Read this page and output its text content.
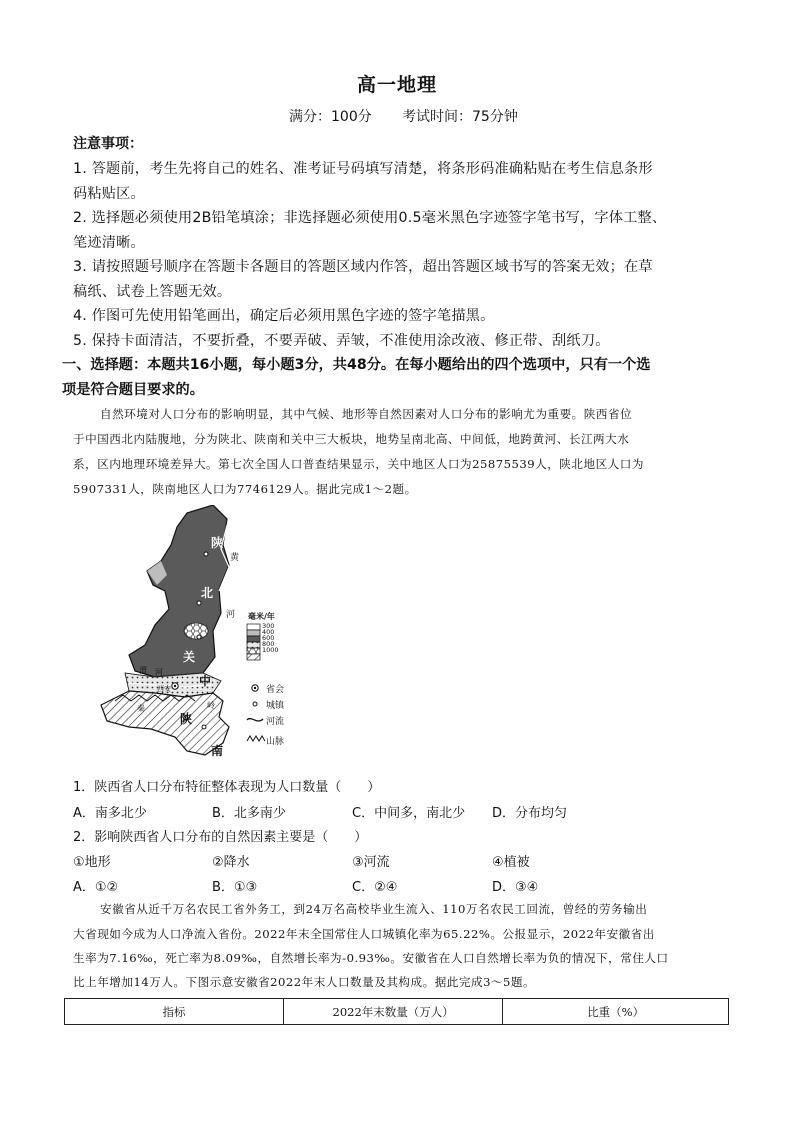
高一地理
满分：100分 考试时间：75分钟
注意事项：
1. 答题前，考生先将自己的姓名、准考证号码填写清楚，将条形码准确粘贴在考生信息条形
码粘贴区。
2. 选择题必须使用2B铅笔填涂；非选择题必须使用0.5毫米黑色字迹签字笔书写，字体工整、
笔迹清晰。
3. 请按照题号顺序在答题卡各题目的答题区域内作答，超出答题区域书写的答案无效；在草
稿纸、试卷上答题无效。
4. 作图可先使用铅笔画出，确定后必须用黑色字迹的签字笔描黑。
5. 保持卡面清洁，不要折叠，不要弄破、弄皱，不准使用涂改液、修正带、刮纸刀。
一、选择题：本题共16小题，每小题3分，共48分。在每小题给出的四个选项中，只有一个选
项是符合题目要求的。
自然环境对人口分布的影响明显，其中气候、地形等自然因素对人口分布的影响尤为重要。陕西省位
于中国西北内陆腹地，分为陕北、陕南和关中三大板块，地势呈南北高、中间低，地跨黄河、长江两大水
系，区内地理环境差异大。第七次全国人口普查结果显示，关中地区人口为25875539人，陕北地区人口为
5907331人，陕南地区人口为7746129人。据此完成1～2题。
陕
北
关
中
陕
南
黄
河
渭 河
西安
秦	岭
毫米/年
300
400
600
800
1000
省会
城镇
河流
山脉
1．陕西省人口分布特征整体表现为人口数量（　　）
A．南多北少	B．北多南少	C．中间多，南北少 D．分布均匀
2．影响陕西省人口分布的自然因素主要是（　　）
①地形	②降水	③河流	④植被
A．①②	B．①③	C．②④	D．③④
安徽省从近千万名农民工省外务工，到24万名高校毕业生流入、110万名农民工回流，曾经的劳务输出
大省现如今成为人口净流入省份。2022年末全国常住人口城镇化率为65.22%。公报显示，2022年安徽省出
生率为7.16‰，死亡率为8.09‰，自然增长率为-0.93‰。安徽省在人口自然增长率为负的情况下，常住人口
比上年增加14万人。下图示意安徽省2022年末人口数量及其构成。据此完成3～5题。
指标	2022年末数量（万人）	比重（%）
